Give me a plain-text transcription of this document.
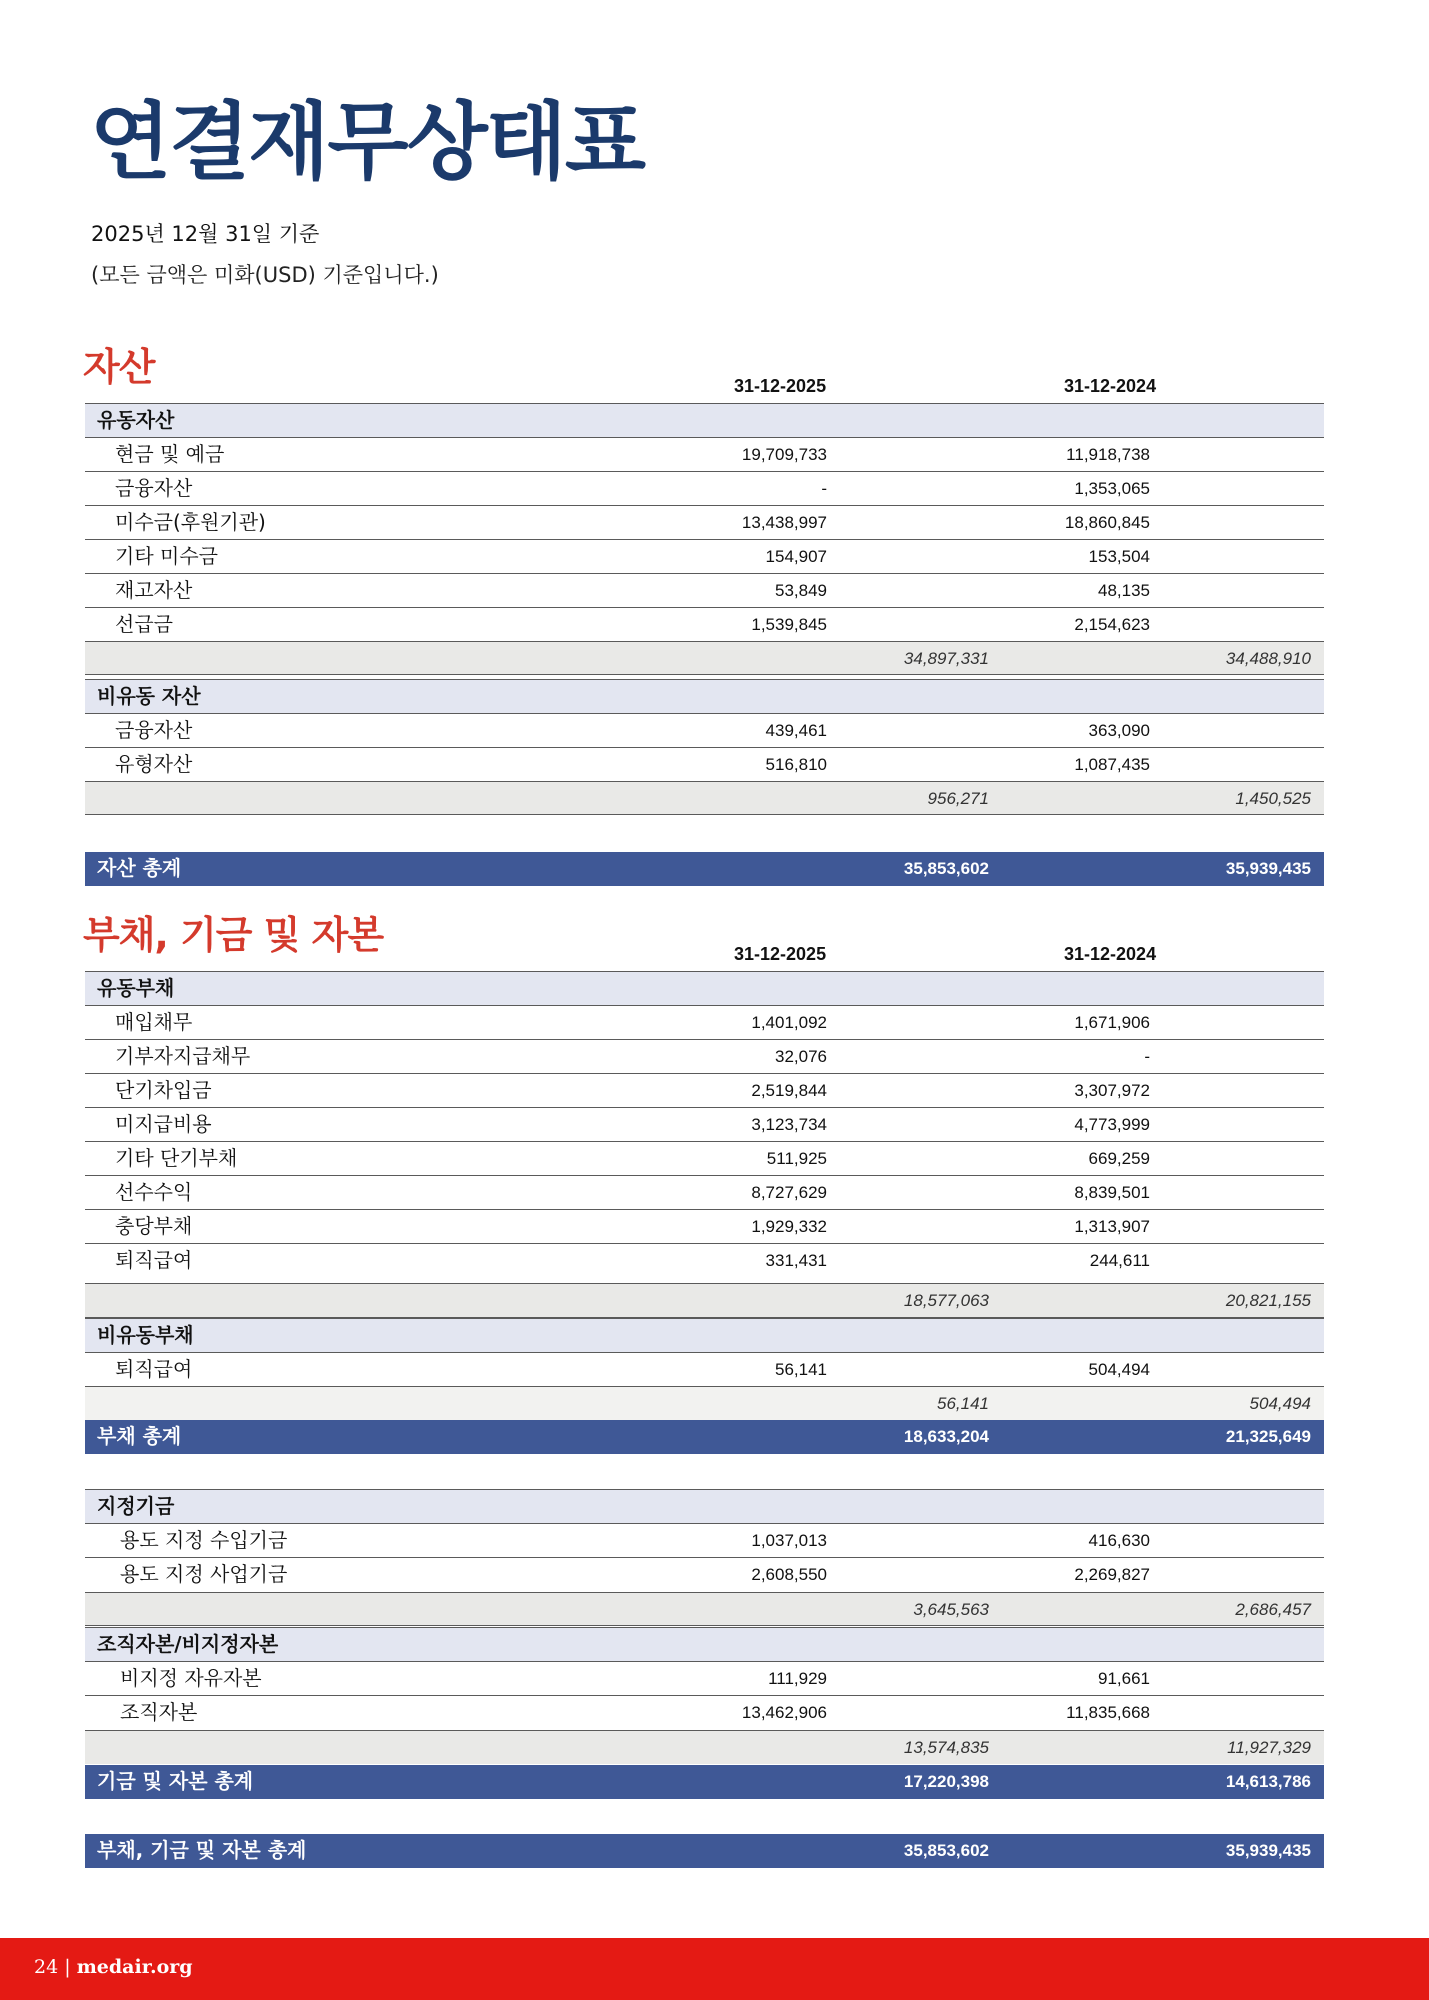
연결재무상태표
2025년 12월 31일 기준
(모든 금액은 미화(USD) 기준입니다.)
자산	31-12-2025	31-12-2024
유동자산
현금 및 예금	19,709,733	11,918,738
금융자산	-	1,353,065
미수금(후원기관)	13,438,997	18,860,845
기타 미수금	154,907	153,504
재고자산	53,849	48,135
선급금	1,539,845	2,154,623
34,897,331	34,488,910
비유동 자산
금융자산	439,461	363,090
유형자산	516,810	1,087,435
956,271	1,450,525
자산 총계	35,853,602	35,939,435
부채, 기금 및 자본	31-12-2025	31-12-2024
유동부채
매입채무	1,401,092	1,671,906
기부자지급채무	32,076	-
단기차입금	2,519,844	3,307,972
미지급비용	3,123,734	4,773,999
기타 단기부채	511,925	669,259
선수수익	8,727,629	8,839,501
충당부채	1,929,332	1,313,907
퇴직급여	331,431	244,611
18,577,063	20,821,155
비유동부채
퇴직급여	56,141	504,494
56,141	504,494
부채 총계	18,633,204	21,325,649
지정기금
용도 지정 수입기금	1,037,013	416,630
용도 지정 사업기금	2,608,550	2,269,827
3,645,563	2,686,457
조직자본/비지정자본
비지정 자유자본	111,929	91,661
조직자본	13,462,906	11,835,668
13,574,835	11,927,329
기금 및 자본 총계	17,220,398	14,613,786
부채, 기금 및 자본 총계	35,853,602	35,939,435
24 | medair.org
